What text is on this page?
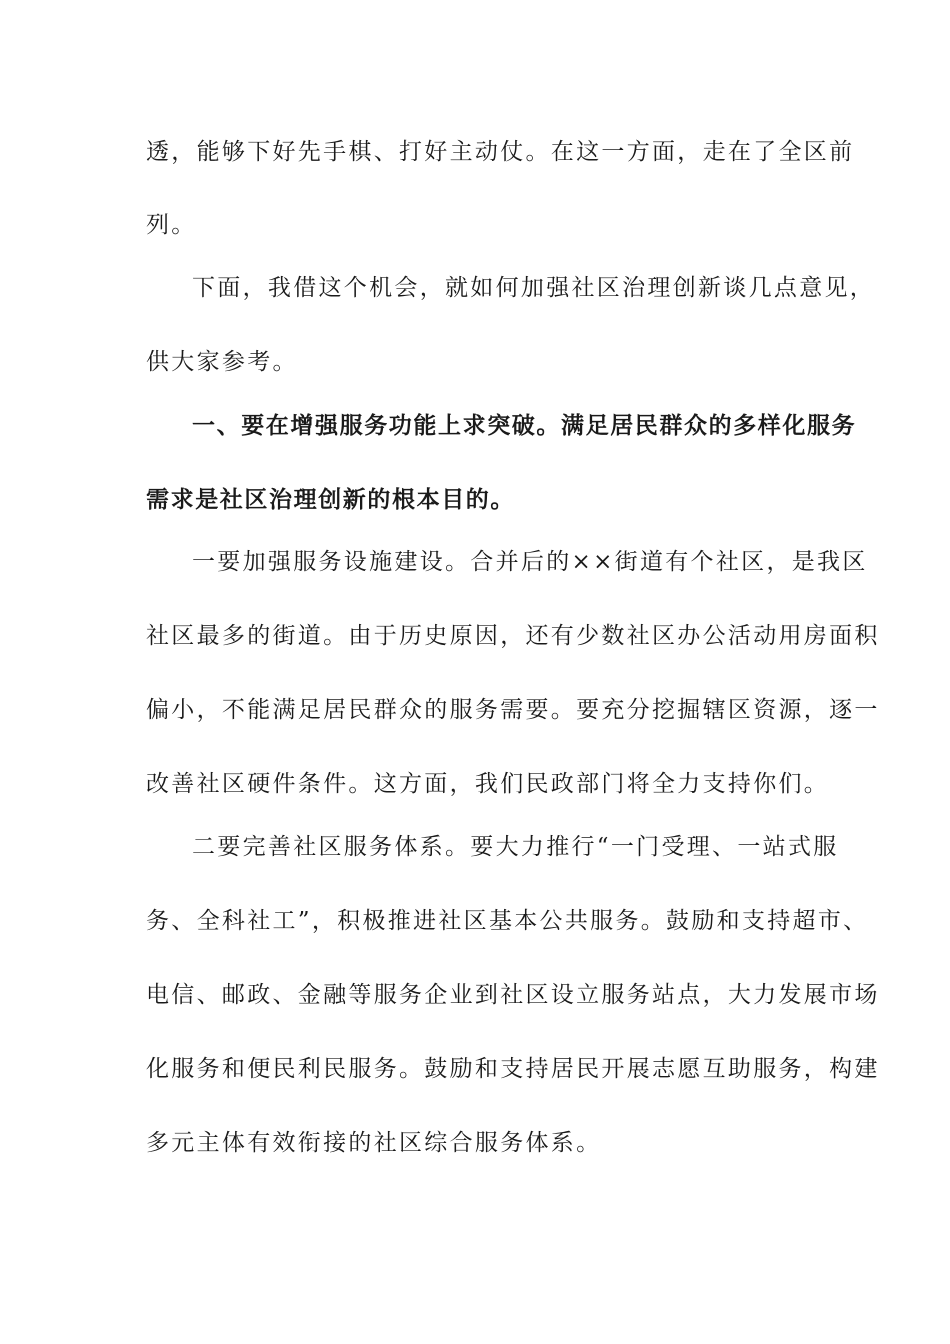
透，能够下好先手棋、打好主动仗。在这一方面，走在了全区前
列。
下面，我借这个机会，就如何加强社区治理创新谈几点意见，
供大家参考。
一、要在增强服务功能上求突破。满足居民群众的多样化服务
需求是社区治理创新的根本目的。
一要加强服务设施建设。合并后的××街道有个社区，是我区
社区最多的街道。由于历史原因，还有少数社区办公活动用房面积
偏小，不能满足居民群众的服务需要。要充分挖掘辖区资源，逐一
改善社区硬件条件。这方面，我们民政部门将全力支持你们。
二要完善社区服务体系。要大力推行“一门受理、一站式服
务、全科社工”，积极推进社区基本公共服务。鼓励和支持超市、
电信、邮政、金融等服务企业到社区设立服务站点，大力发展市场
化服务和便民利民服务。鼓励和支持居民开展志愿互助服务，构建
多元主体有效衔接的社区综合服务体系。
